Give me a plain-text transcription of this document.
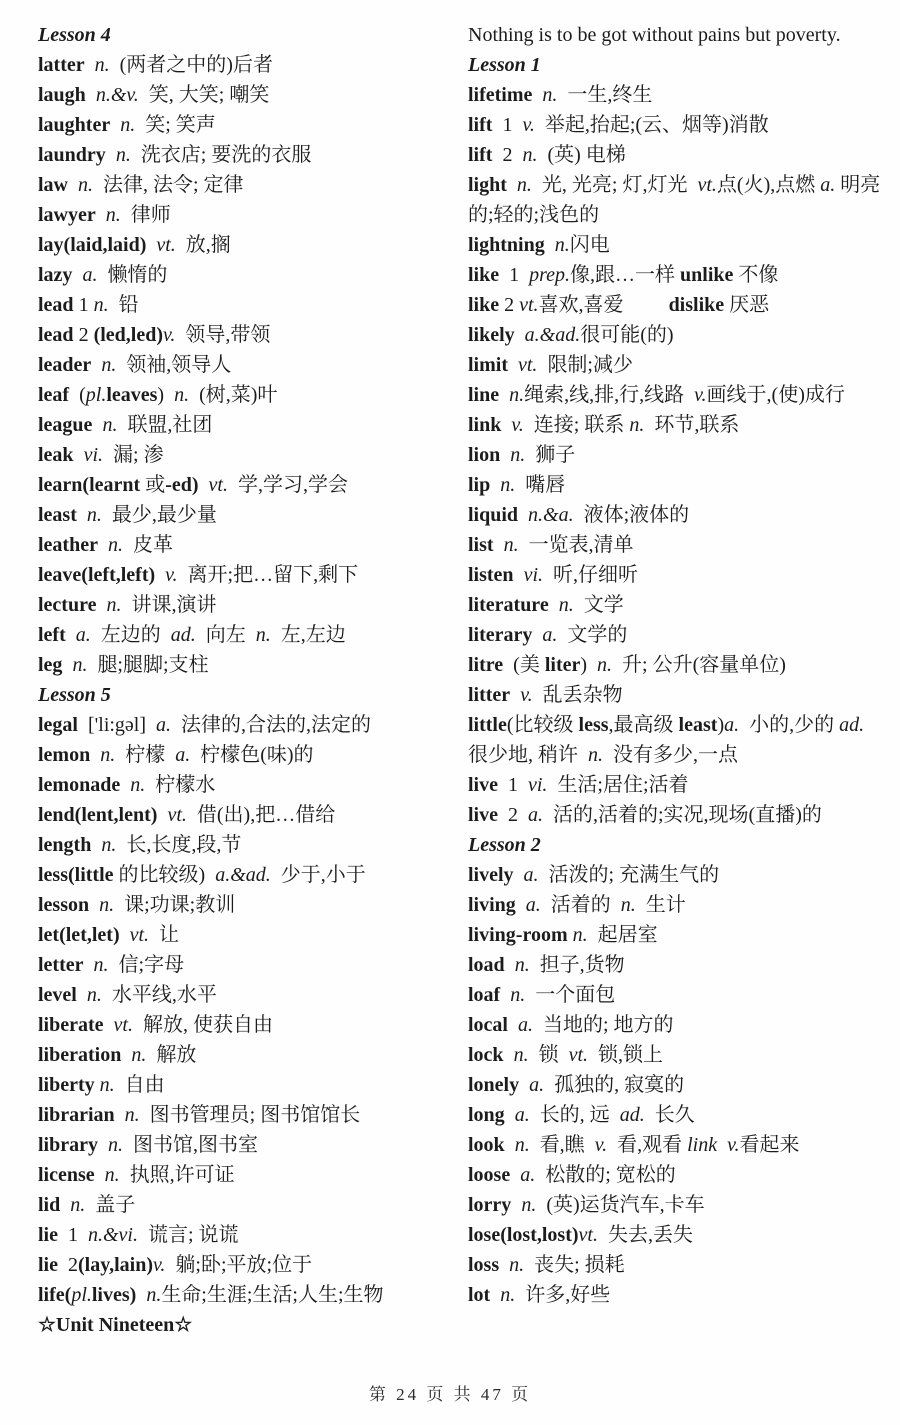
Lesson 4
latter  n.  (两者之中的)后者
laugh  n.&v.  笑, 大笑; 嘲笑
laughter  n.  笑; 笑声
laundry  n.  洗衣店; 要洗的衣服
law  n.  法律, 法令; 定律
lawyer  n.  律师
lay(laid,laid)  vt.  放,搁
lazy  a.  懒惰的
lead 1 n.  铅
lead 2 (led,led)v.  领导,带领
leader  n.  领袖,领导人
leaf  (pl.leaves)  n.  (树,菜)叶
league  n.  联盟,社团
leak  vi.  漏; 渗
learn(learnt 或-ed) vt.  学,学习,学会
least  n.  最少,最少量
leather  n.  皮革
leave(left,left)  v.  离开;把…留下,剩下
lecture  n.  讲课,演讲
left  a.  左边的  ad.  向左  n.  左,左边
leg  n.  腿;腿脚;支柱
Lesson 5
legal  ['li:gəl]  a.  法律的,合法的,法定的
lemon  n.  柠檬  a.  柠檬色(味)的
lemonade  n.  柠檬水
lend(lent,lent)  vt.  借(出),把…借给
length  n.  长,长度,段,节
less(little 的比较级)  a.&ad.  少于,小于
lesson  n.  课;功课;教训
let(let,let)  vt.  让
letter  n.  信;字母
level  n.  水平线,水平
liberate  vt.  解放, 使获自由
liberation  n.  解放
liberty n.  自由
librarian  n.  图书管理员; 图书馆馆长
library  n.  图书馆,图书室
license  n.  执照,许可证
lid  n.  盖子
lie  1  n.&vi.  谎言; 说谎
lie  2(lay,lain)v.  躺;卧;平放;位于
life(pl.lives) n.生命;生涯;生活;人生;生物
☆Unit Nineteen☆
Nothing is to be got without pains but poverty.
Lesson 1
lifetime  n.  一生,终生
lift  1  v.  举起,抬起;(云、烟等)消散
lift  2  n.  (英) 电梯
light  n.  光, 光亮; 灯,灯光  vt.点(火),点燃 a. 明亮的;轻的;浅色的
lightning  n.闪电
like  1  prep.像,跟…一样 unlike 不像
like 2 vt.喜欢,喜爱         dislike 厌恶
likely  a.&ad.很可能(的)
limit  vt.  限制;减少
line  n.绳索,线,排,行,线路  v.画线于,(使)成行
link  v.  连接; 联系 n.  环节,联系
lion  n.  狮子
lip  n.  嘴唇
liquid  n.&a.  液体;液体的
list  n.  一览表,清单
listen  vi.  听,仔细听
literature  n.  文学
literary  a.  文学的
litre  (美 liter)  n.  升; 公升(容量单位)
litter  v.  乱丢杂物
little(比较级 less,最高级 least)a.  小的,少的 ad.  很少地, 稍许  n.  没有多少,一点
live  1  vi.  生活;居住;活着
live  2  a.  活的,活着的;实况,现场(直播)的
Lesson 2
lively  a.  活泼的; 充满生气的
living  a.  活着的  n.  生计
living-room n.  起居室
load  n.  担子,货物
loaf  n.  一个面包
local  a.  当地的; 地方的
lock  n.  锁  vt.  锁,锁上
lonely  a.  孤独的, 寂寞的
long  a.  长的, 远  ad.  长久
look  n.  看,瞧  v.  看,观看 link v.看起来
loose  a.  松散的; 宽松的
lorry  n.  (英)运货汽车,卡车
lose(lost,lost)vt.  失去,丢失
loss  n.  丧失; 损耗
lot  n.  许多,好些
第 24 页 共 47 页
